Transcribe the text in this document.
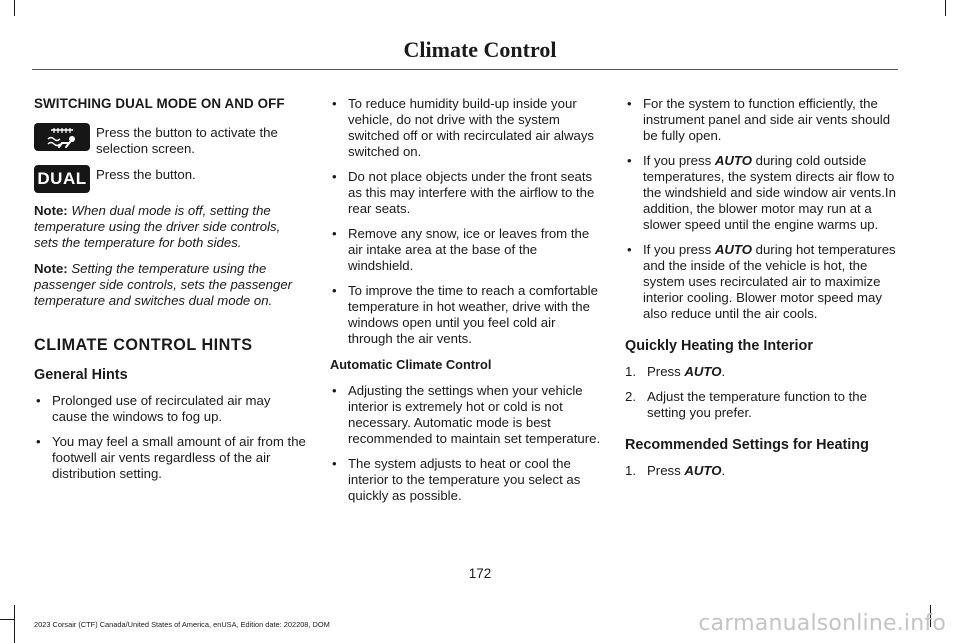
Climate Control
SWITCHING DUAL MODE ON AND OFF
Press the button to activate the selection screen.
DUAL Press the button.

Note: When dual mode is off, setting the temperature using the driver side controls, sets the temperature for both sides.

Note: Setting the temperature using the passenger side controls, sets the passenger temperature and switches dual mode on.

CLIMATE CONTROL HINTS
General Hints
• Prolonged use of recirculated air may cause the windows to fog up.
• You may feel a small amount of air from the footwell air vents regardless of the air distribution setting.
• To reduce humidity build-up inside your vehicle, do not drive with the system switched off or with recirculated air always switched on.
• Do not place objects under the front seats as this may interfere with the airflow to the rear seats.
• Remove any snow, ice or leaves from the air intake area at the base of the windshield.
• To improve the time to reach a comfortable temperature in hot weather, drive with the windows open until you feel cold air through the air vents.
Automatic Climate Control
• Adjusting the settings when your vehicle interior is extremely hot or cold is not necessary. Automatic mode is best recommended to maintain set temperature.
• The system adjusts to heat or cool the interior to the temperature you select as quickly as possible.
• For the system to function efficiently, the instrument panel and side air vents should be fully open.
• If you press AUTO during cold outside temperatures, the system directs air flow to the windshield and side window air vents.In addition, the blower motor may run at a slower speed until the engine warms up.
• If you press AUTO during hot temperatures and the inside of the vehicle is hot, the system uses recirculated air to maximize interior cooling. Blower motor speed may also reduce until the air cools.
Quickly Heating the Interior
1. Press AUTO.
2. Adjust the temperature function to the setting you prefer.
Recommended Settings for Heating
1. Press AUTO.
172
2023 Corsair (CTF) Canada/United States of America, enUSA, Edition date: 202208, DOM	carmanualsonline.info
